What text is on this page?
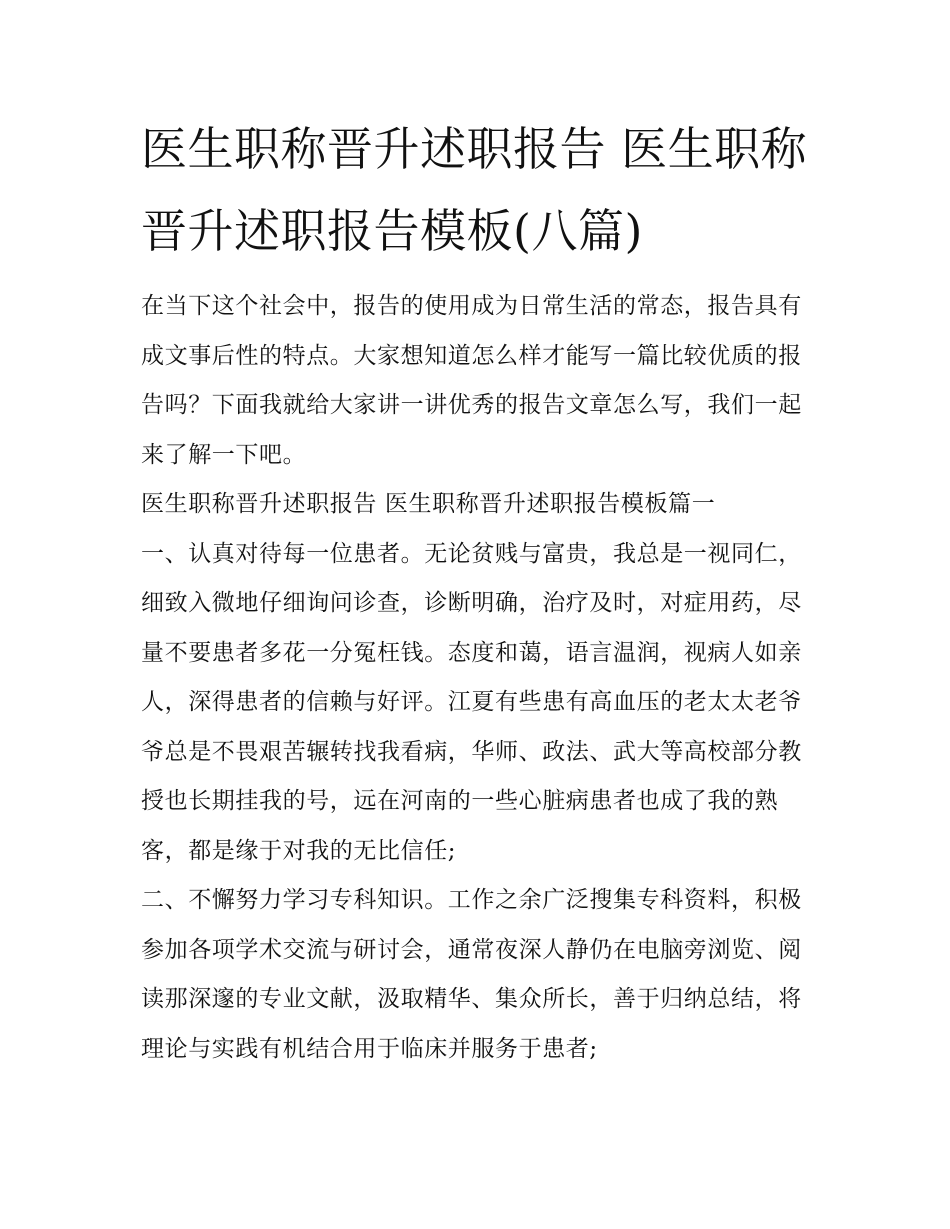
医生职称晋升述职报告 医生职称晋升述职报告模板(八篇)

在当下这个社会中，报告的使用成为日常生活的常态，报告具有成文事后性的特点。大家想知道怎么样才能写一篇比较优质的报告吗？下面我就给大家讲一讲优秀的报告文章怎么写，我们一起来了解一下吧。

医生职称晋升述职报告 医生职称晋升述职报告模板篇一

一、认真对待每一位患者。无论贫贱与富贵，我总是一视同仁，细致入微地仔细询问诊查，诊断明确，治疗及时，对症用药，尽量不要患者多花一分冤枉钱。态度和蔼，语言温润，视病人如亲人，深得患者的信赖与好评。江夏有些患有高血压的老太太老爷爷总是不畏艰苦辗转找我看病，华师、政法、武大等高校部分教授也长期挂我的号，远在河南的一些心脏病患者也成了我的熟客，都是缘于对我的无比信任;

二、不懈努力学习专科知识。工作之余广泛搜集专科资料，积极参加各项学术交流与研讨会，通常夜深人静仍在电脑旁浏览、阅读那深邃的专业文献，汲取精华、集众所长，善于归纳总结，将理论与实践有机结合用于临床并服务于患者;
